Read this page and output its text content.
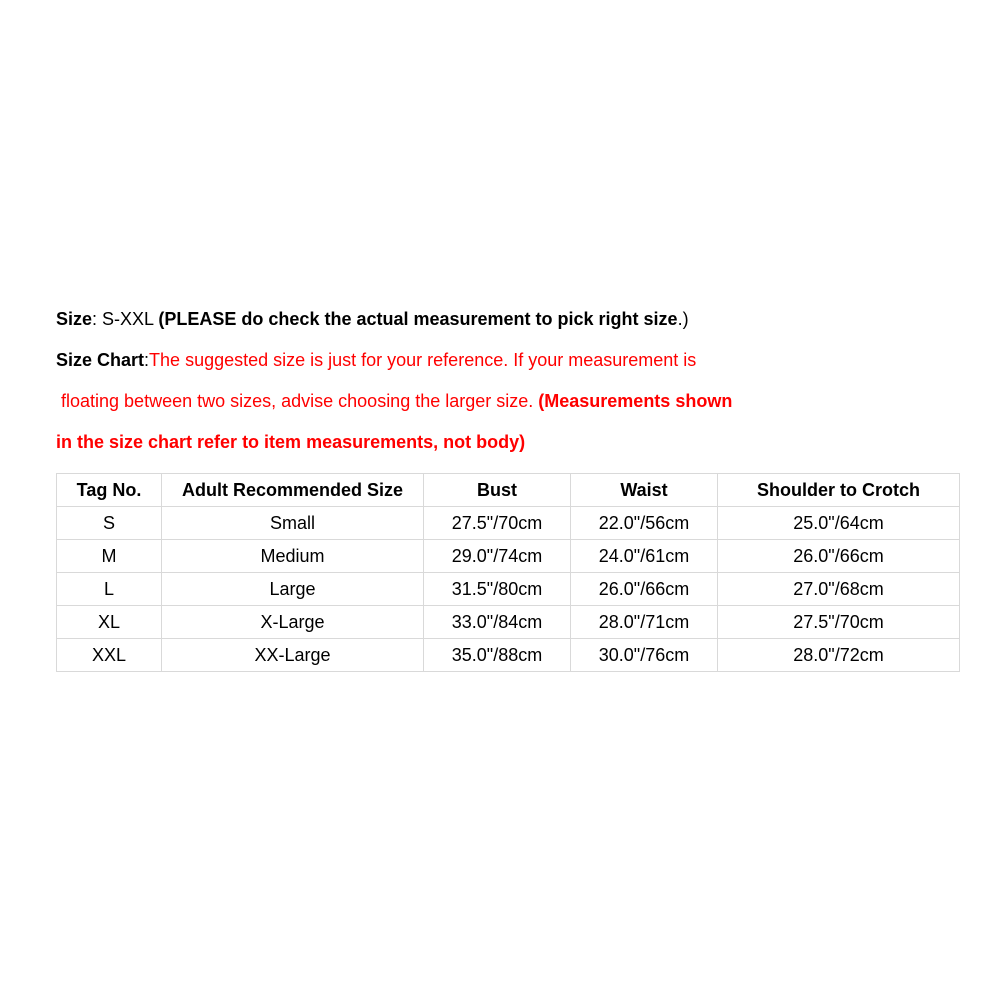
Size: S-XXL (PLEASE do check the actual measurement to pick right size.)
Size Chart:The suggested size is just for your reference. If your measurement is
floating between two sizes, advise choosing the larger size. (Measurements shown
in the size chart refer to item measurements, not body)
Tag No.	Adult Recommended Size	Bust	Waist	Shoulder to Crotch
S	Small	27.5"/70cm	22.0"/56cm	25.0"/64cm
M	Medium	29.0"/74cm	24.0"/61cm	26.0"/66cm
L	Large	31.5"/80cm	26.0"/66cm	27.0"/68cm
XL	X-Large	33.0"/84cm	28.0"/71cm	27.5"/70cm
XXL	XX-Large	35.0"/88cm	30.0"/76cm	28.0"/72cm
